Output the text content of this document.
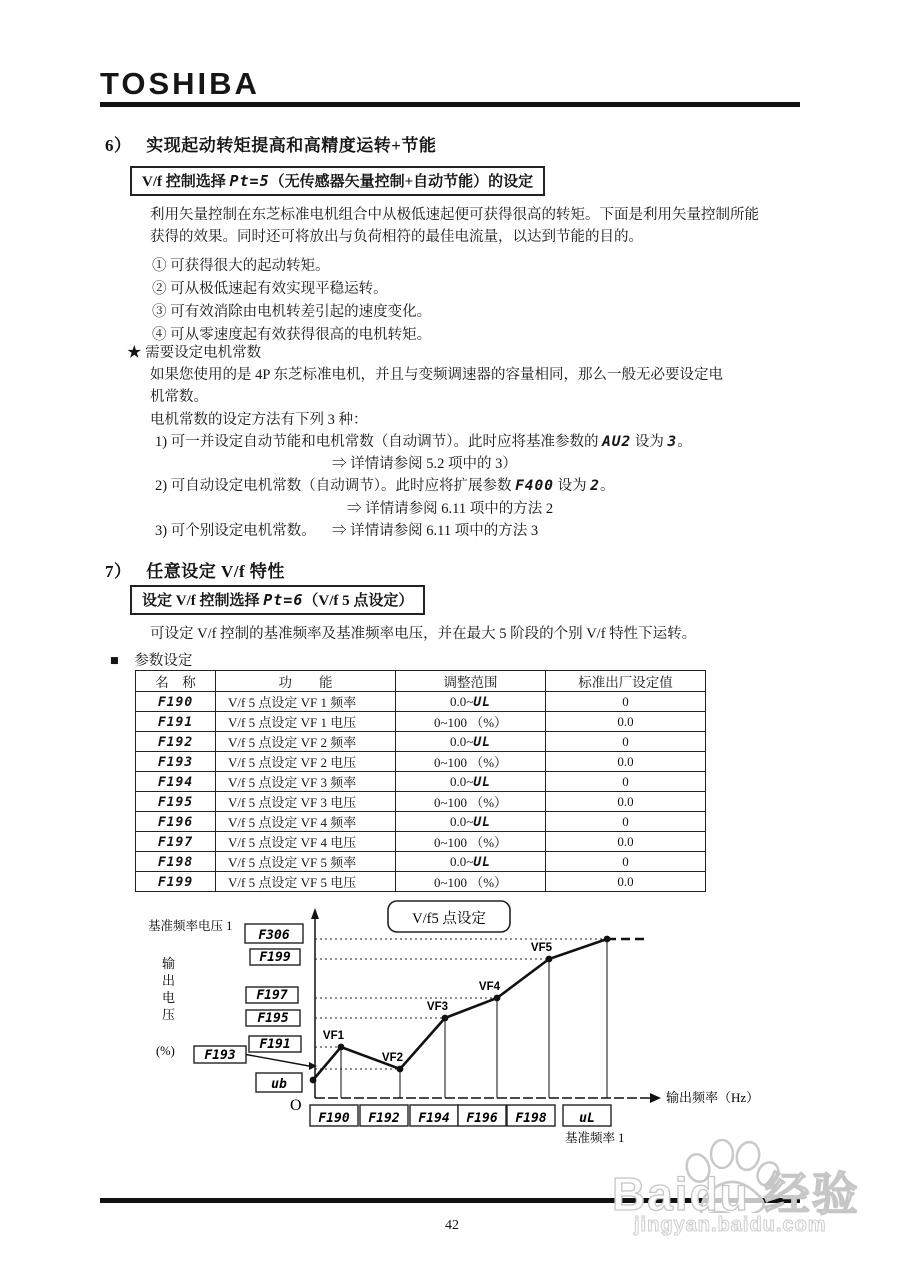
TOSHIBA
6） 实现起动转矩提高和高精度运转+节能
V/f 控制选择 Pt=5（无传感器矢量控制+自动节能）的设定
利用矢量控制在东芝标准电机组合中从极低速起便可获得很高的转矩。下面是利用矢量控制所能
获得的效果。同时还可将放出与负荷相符的最佳电流量，以达到节能的目的。
① 可获得很大的起动转矩。
② 可从极低速起有效实现平稳运转。
③ 可有效消除由电机转差引起的速度变化。
④ 可从零速度起有效获得很高的电机转矩。
★ 需要设定电机常数
如果您使用的是 4P 东芝标准电机，并且与变频调速器的容量相同，那么一般无必要设定电
机常数。
电机常数的设定方法有下列 3 种：
1) 可一并设定自动节能和电机常数（自动调节）。此时应将基准参数的 AU2 设为 3。
⇒ 详情请参阅 5.2 项中的 3）
2) 可自动设定电机常数（自动调节）。此时应将扩展参数 F400 设为 2。
⇒ 详情请参阅 6.11 项中的方法 2
3) 可个别设定电机常数。 ⇒ 详情请参阅 6.11 项中的方法 3
7） 任意设定 V/f 特性
设定 V/f 控制选择 Pt=6（V/f 5 点设定）
可设定 V/f 控制的基准频率及基准频率电压，并在最大 5 阶段的个别 V/f 特性下运转。
■ 参数设定
名　称	功　　能	调整范围	标准出厂设定值
F190	V/f 5 点设定 VF 1 频率	0.0~UL	0
F191	V/f 5 点设定 VF 1 电压	0~100 （%）	0.0
F192	V/f 5 点设定 VF 2 频率	0.0~UL	0
F193	V/f 5 点设定 VF 2 电压	0~100 （%）	0.0
F194	V/f 5 点设定 VF 3 频率	0.0~UL	0
F195	V/f 5 点设定 VF 3 电压	0~100 （%）	0.0
F196	V/f 5 点设定 VF 4 频率	0.0~UL	0
F197	V/f 5 点设定 VF 4 电压	0~100 （%）	0.0
F198	V/f 5 点设定 VF 5 频率	0.0~UL	0
F199	V/f 5 点设定 VF 5 电压	0~100 （%）	0.0
VF1
VF2
VF3
VF4
VF5
F306
F199
F197
F195
F191
ub
F193
F190 F192 F194 F196 F198	uL
V/f5 点设定
基准频率电压 1
输
出
电
压
(%)
O	输出频率（Hz）
基准频率 1
Baidu 经验
jingyan.baidu.com
42
